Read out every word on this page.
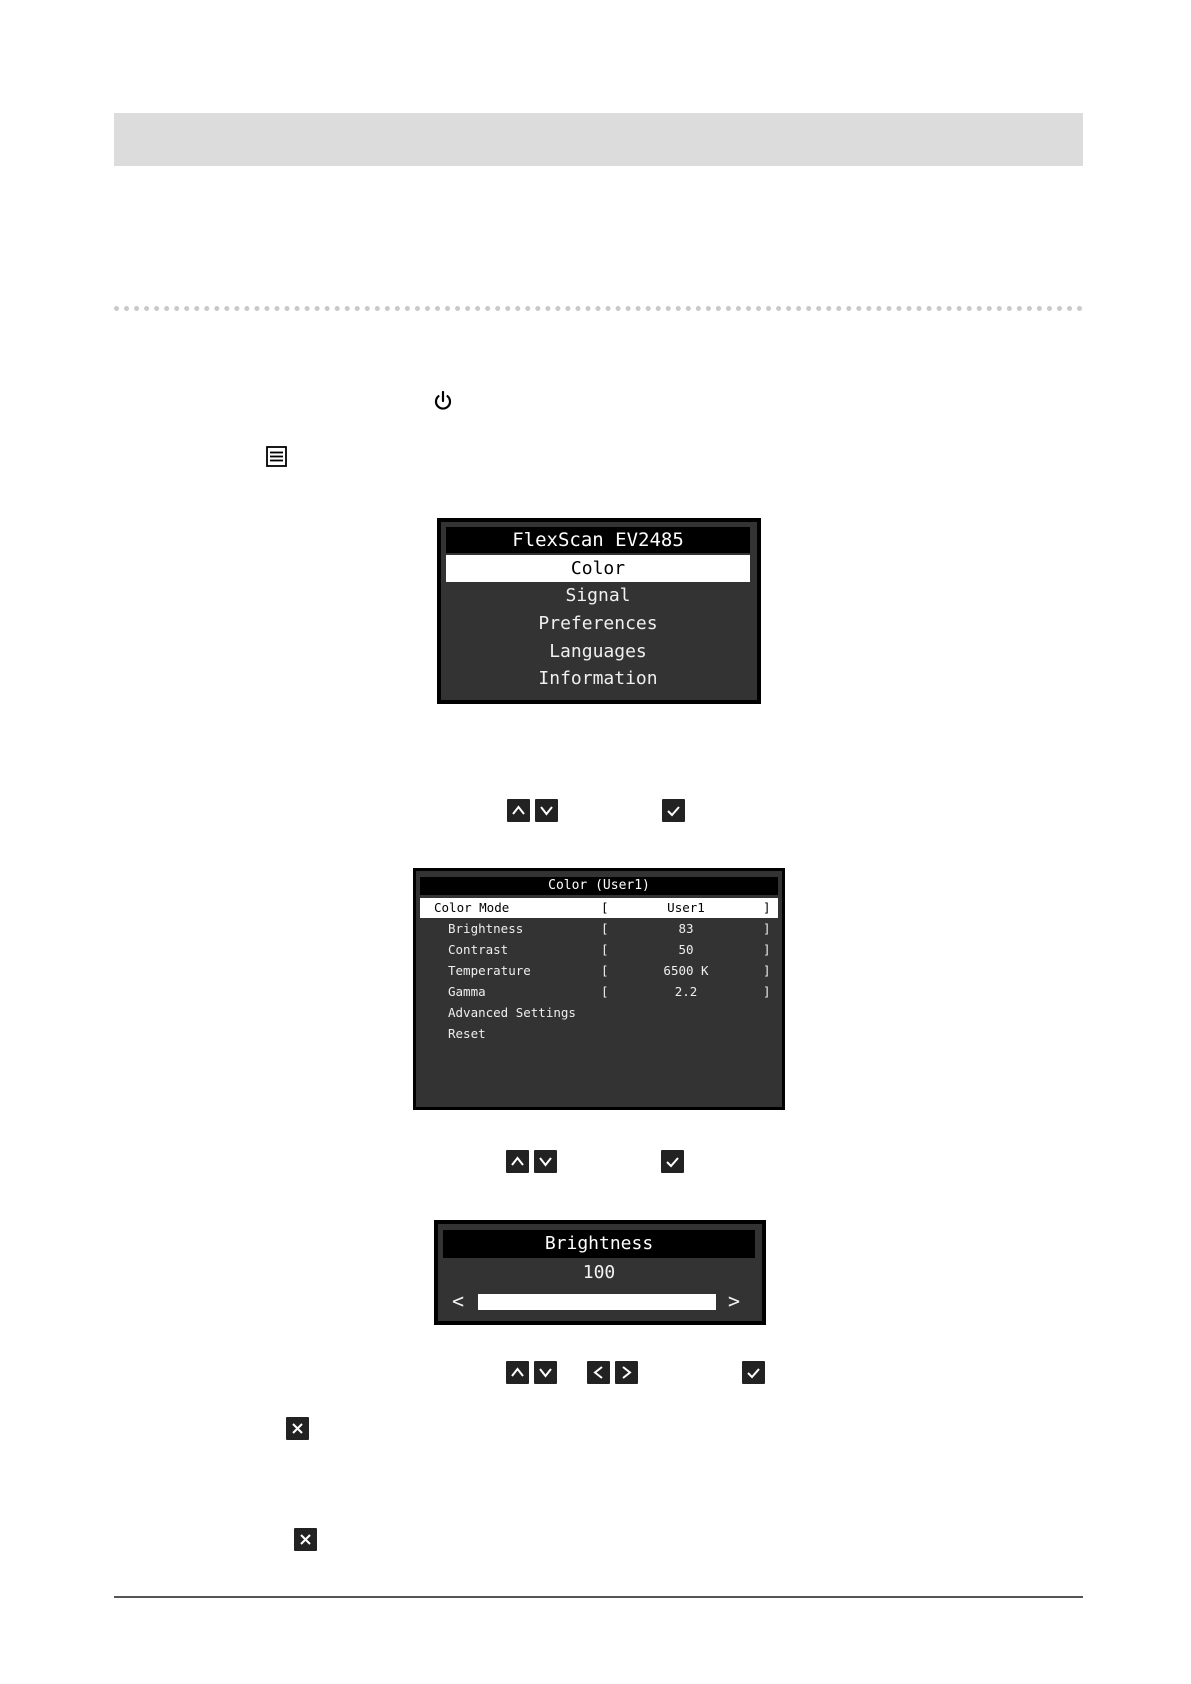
FlexScan EV2485
Color
Signal
Preferences
Languages
Information
Color (User1)
Color Mode	[	User1	]
Brightness	[	83	]
Contrast	[	50	]
Temperature	[	6500 K	]
Gamma	[	2.2	]
Advanced Settings
Reset
Brightness
100
<	>
